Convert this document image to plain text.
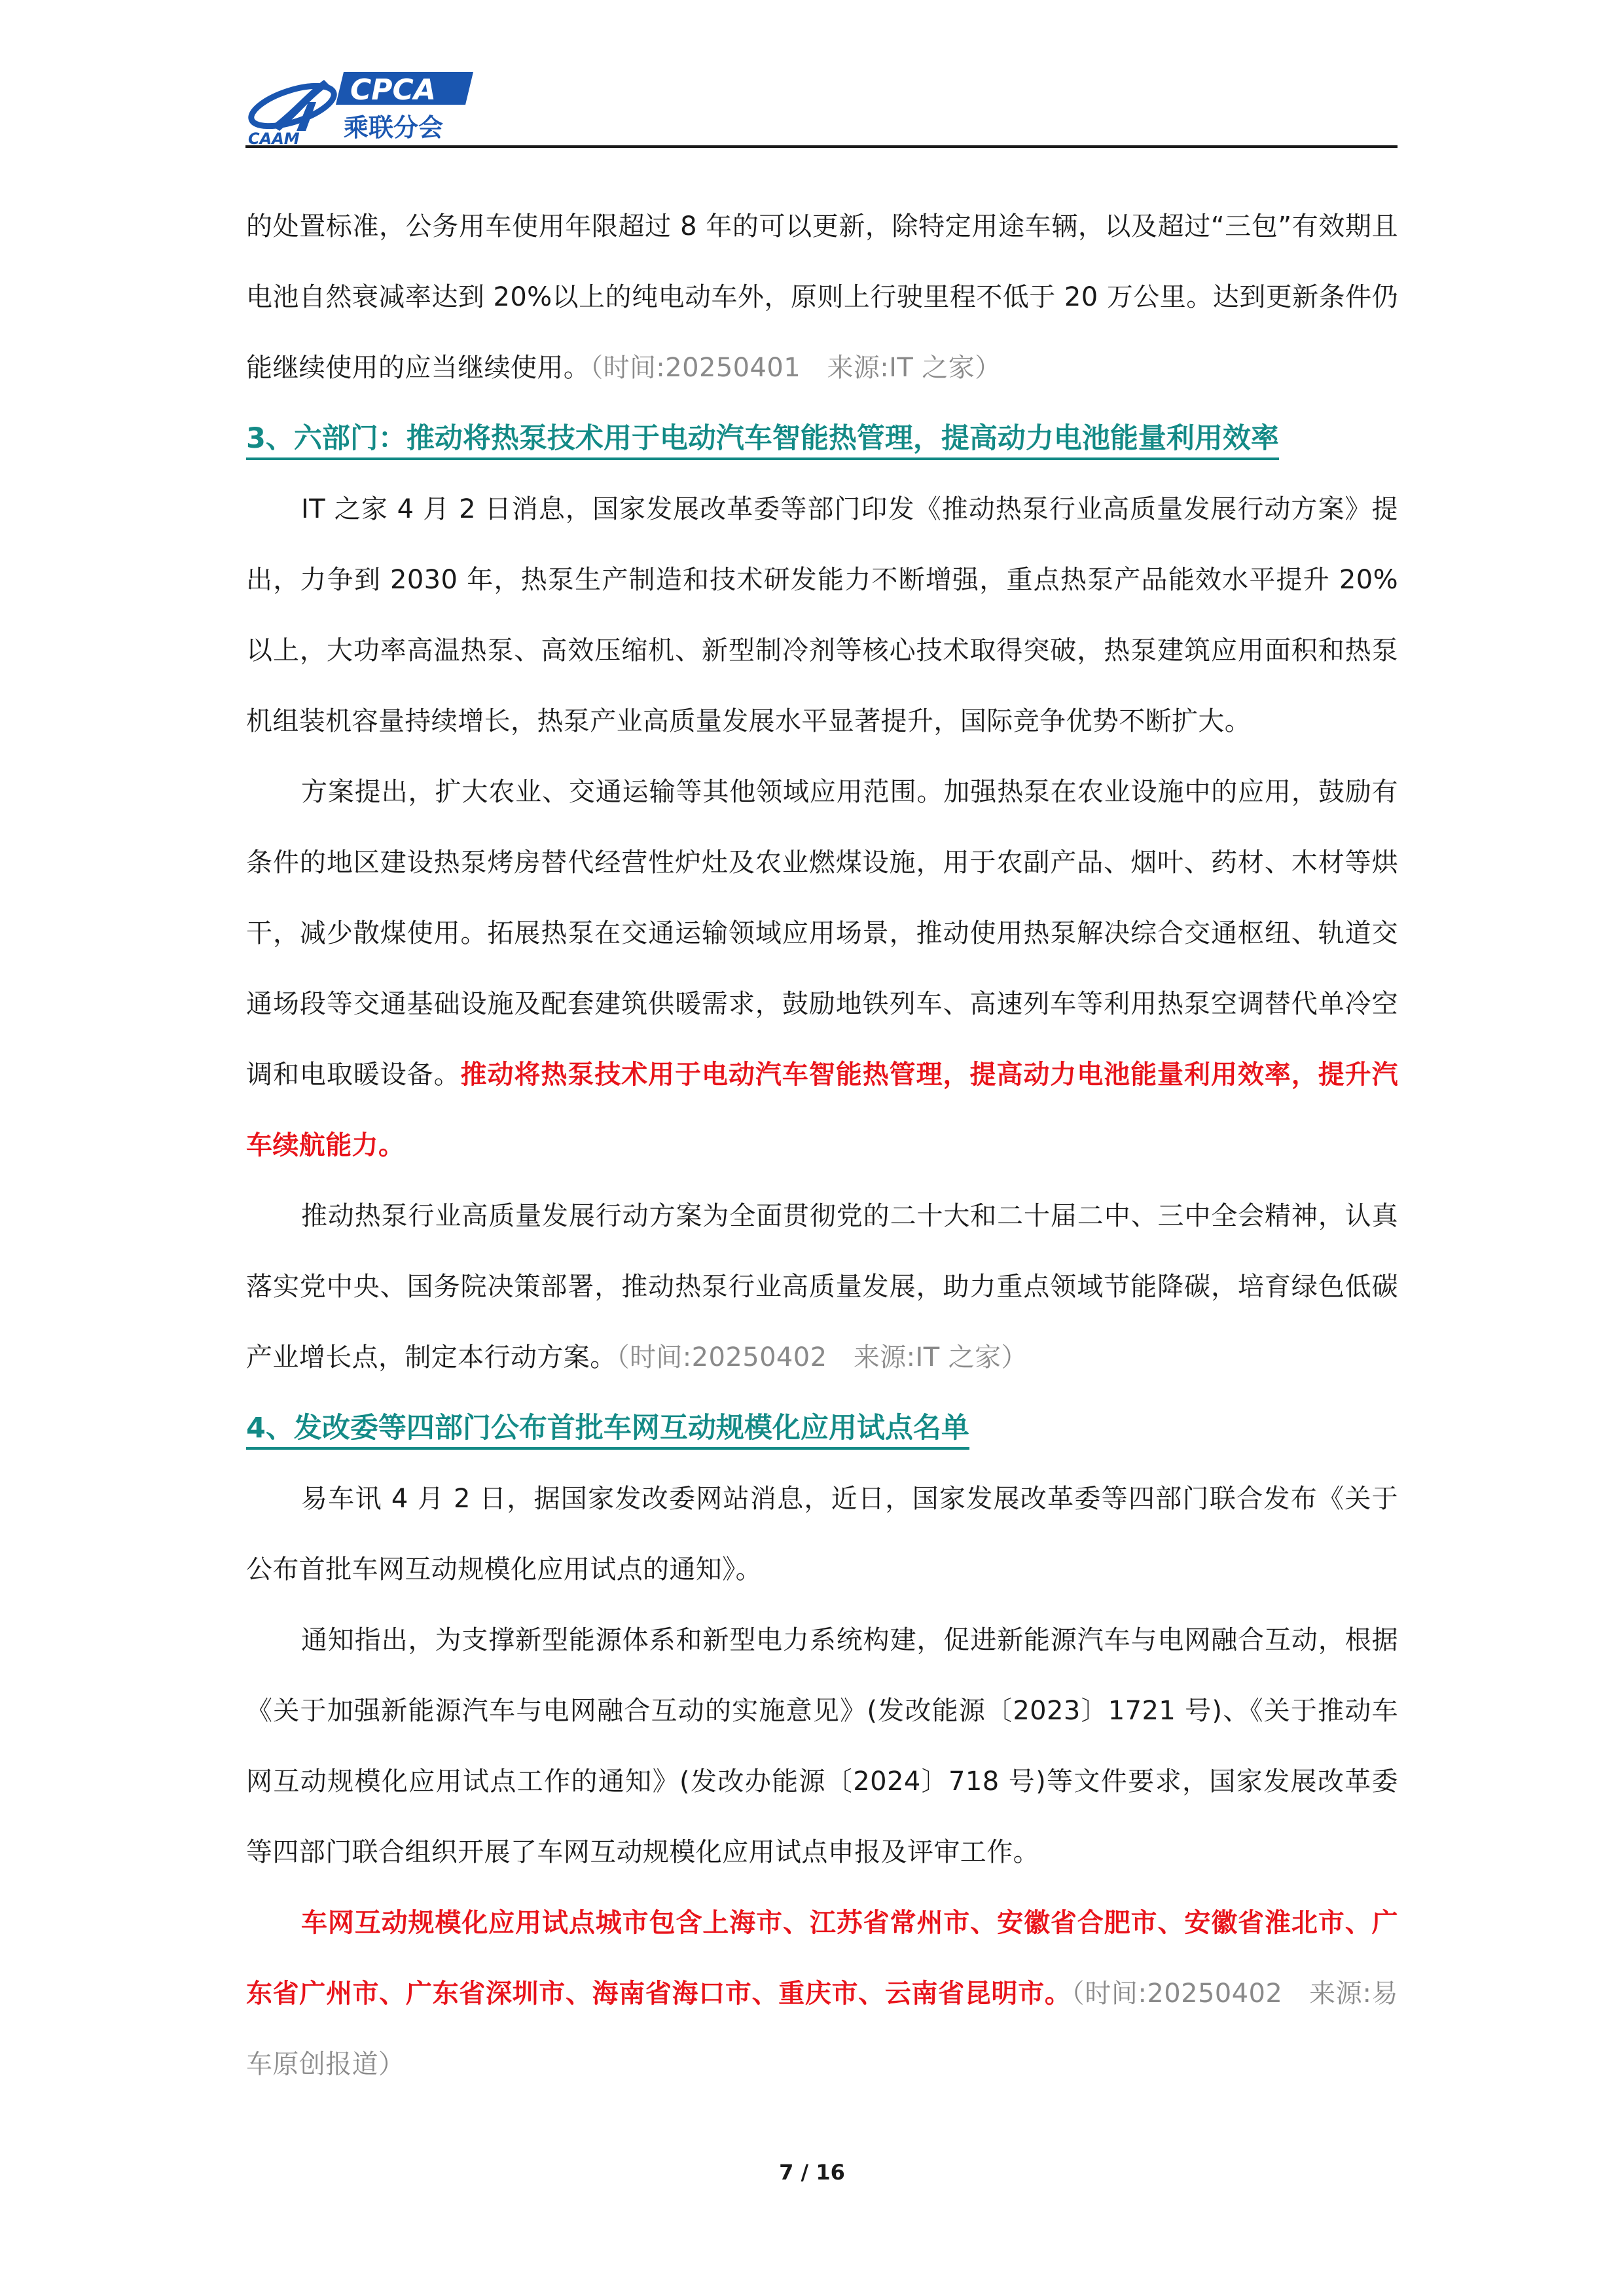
CAAM
CPCA
乘联分会

的处置标准，公务用车使用年限超过 8 年的可以更新，除特定用途车辆，以及超过“三包”有效期且电池自然衰减率达到 20%以上的纯电动车外，原则上行驶里程不低于 20 万公里。达到更新条件仍能继续使用的应当继续使用。（时间:20250401　来源:IT 之家）

3、六部门：推动将热泵技术用于电动汽车智能热管理，提高动力电池能量利用效率

IT 之家 4 月 2 日消息，国家发展改革委等部门印发《推动热泵行业高质量发展行动方案》提出，力争到 2030 年，热泵生产制造和技术研发能力不断增强，重点热泵产品能效水平提升 20%以上，大功率高温热泵、高效压缩机、新型制冷剂等核心技术取得突破，热泵建筑应用面积和热泵机组装机容量持续增长，热泵产业高质量发展水平显著提升，国际竞争优势不断扩大。

方案提出，扩大农业、交通运输等其他领域应用范围。加强热泵在农业设施中的应用，鼓励有条件的地区建设热泵烤房替代经营性炉灶及农业燃煤设施，用于农副产品、烟叶、药材、木材等烘干，减少散煤使用。拓展热泵在交通运输领域应用场景，推动使用热泵解决综合交通枢纽、轨道交通场段等交通基础设施及配套建筑供暖需求，鼓励地铁列车、高速列车等利用热泵空调替代单冷空调和电取暖设备。推动将热泵技术用于电动汽车智能热管理，提高动力电池能量利用效率，提升汽车续航能力。

推动热泵行业高质量发展行动方案为全面贯彻党的二十大和二十届二中、三中全会精神，认真落实党中央、国务院决策部署，推动热泵行业高质量发展，助力重点领域节能降碳，培育绿色低碳产业增长点，制定本行动方案。（时间:20250402　来源:IT 之家）

4、发改委等四部门公布首批车网互动规模化应用试点名单

易车讯 4 月 2 日，据国家发改委网站消息，近日，国家发展改革委等四部门联合发布《关于公布首批车网互动规模化应用试点的通知》。

通知指出，为支撑新型能源体系和新型电力系统构建，促进新能源汽车与电网融合互动，根据《关于加强新能源汽车与电网融合互动的实施意见》(发改能源〔2023〕1721 号)、《关于推动车网互动规模化应用试点工作的通知》(发改办能源〔2024〕718 号)等文件要求，国家发展改革委等四部门联合组织开展了车网互动规模化应用试点申报及评审工作。

车网互动规模化应用试点城市包含上海市、江苏省常州市、安徽省合肥市、安徽省淮北市、广东省广州市、广东省深圳市、海南省海口市、重庆市、云南省昆明市。（时间:20250402　来源:易车原创报道）

7 / 16
